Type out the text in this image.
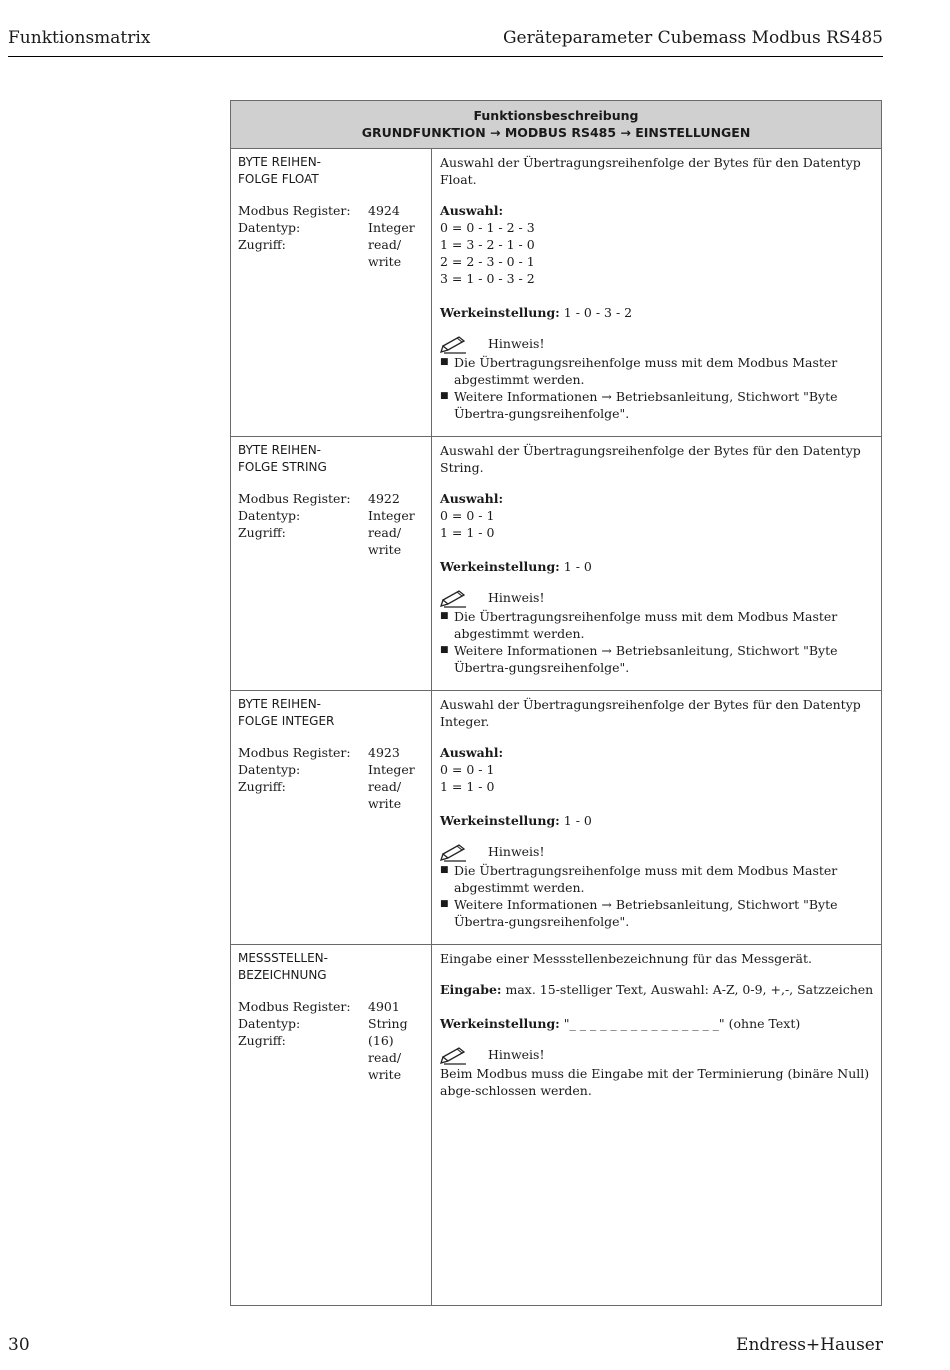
Funktionsmatrix	Geräteparameter Cubemass Modbus RS485
Funktionsbeschreibung
GRUNDFUNKTION → MODBUS RS485 → EINSTELLUNGEN
BYTE REIHEN-
FOLGE FLOAT
Modbus Register:	4924
Datentyp:	Integer
Zugriff:	read/
write
Auswahl der Übertragungsreihenfolge der Bytes für den Datentyp Float.
Auswahl:
0 = 0 - 1 - 2 - 3
1 = 3 - 2 - 1 - 0
2 = 2 - 3 - 0 - 1
3 = 1 - 0 - 3 - 2
Werkeinstellung: 1 - 0 - 3 - 2
Hinweis!
■ Die Übertragungsreihenfolge muss mit dem Modbus Master abgestimmt werden.
■ Weitere Informationen → Betriebsanleitung, Stichwort "Byte Übertra-gungsreihenfolge".
BYTE REIHEN-
FOLGE STRING
Modbus Register:	4922
Datentyp:	Integer
Zugriff:	read/
write
Auswahl der Übertragungsreihenfolge der Bytes für den Datentyp String.
Auswahl:
0 = 0 - 1
1 = 1 - 0
Werkeinstellung: 1 - 0
Hinweis!
■ Die Übertragungsreihenfolge muss mit dem Modbus Master abgestimmt werden.
■ Weitere Informationen → Betriebsanleitung, Stichwort "Byte Übertra-gungsreihenfolge".
BYTE REIHEN-
FOLGE INTEGER
Modbus Register:	4923
Datentyp:	Integer
Zugriff:	read/
write
Auswahl der Übertragungsreihenfolge der Bytes für den Datentyp Integer.
Auswahl:
0 = 0 - 1
1 = 1 - 0
Werkeinstellung: 1 - 0
Hinweis!
■ Die Übertragungsreihenfolge muss mit dem Modbus Master abgestimmt werden.
■ Weitere Informationen → Betriebsanleitung, Stichwort "Byte Übertra-gungsreihenfolge".
MESSSTELLEN-
BEZEICHNUNG
Modbus Register:	4901
Datentyp:	String
Zugriff:	(16)
read/
write
Eingabe einer Messstellenbezeichnung für das Messgerät.
Eingabe: max. 15-stelliger Text, Auswahl: A-Z, 0-9, +,-, Satzzeichen
Werkeinstellung: "_ _ _ _ _ _ _ _ _ _ _ _ _ _ _" (ohne Text)
Hinweis!
Beim Modbus muss die Eingabe mit der Terminierung (binäre Null) abge-schlossen werden.
30	Endress+Hauser
